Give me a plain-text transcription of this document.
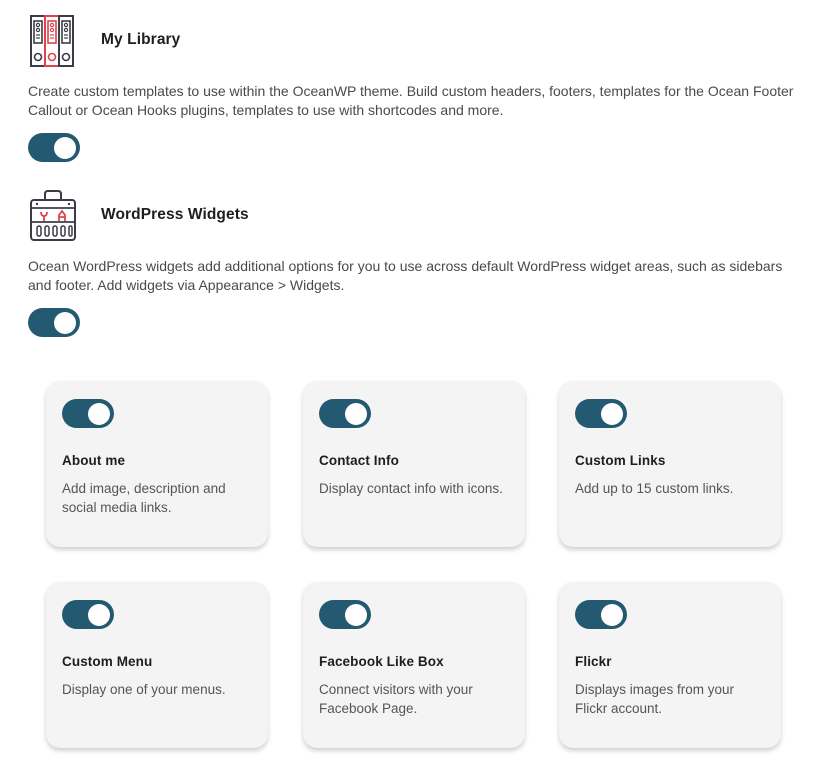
My Library

Create custom templates to use within the OceanWP theme. Build custom headers, footers, templates for the Ocean Footer Callout or Ocean Hooks plugins, templates to use with shortcodes and more.

WordPress Widgets

Ocean WordPress widgets add additional options for you to use across default WordPress widget areas, such as sidebars and footer. Add widgets via Appearance > Widgets.

About me
Add image, description and social media links.
Contact Info
Display contact info with icons.
Custom Links
Add up to 15 custom links.
Custom Menu
Display one of your menus.
Facebook Like Box
Connect visitors with your Facebook Page.
Flickr
Displays images from your Flickr account.
